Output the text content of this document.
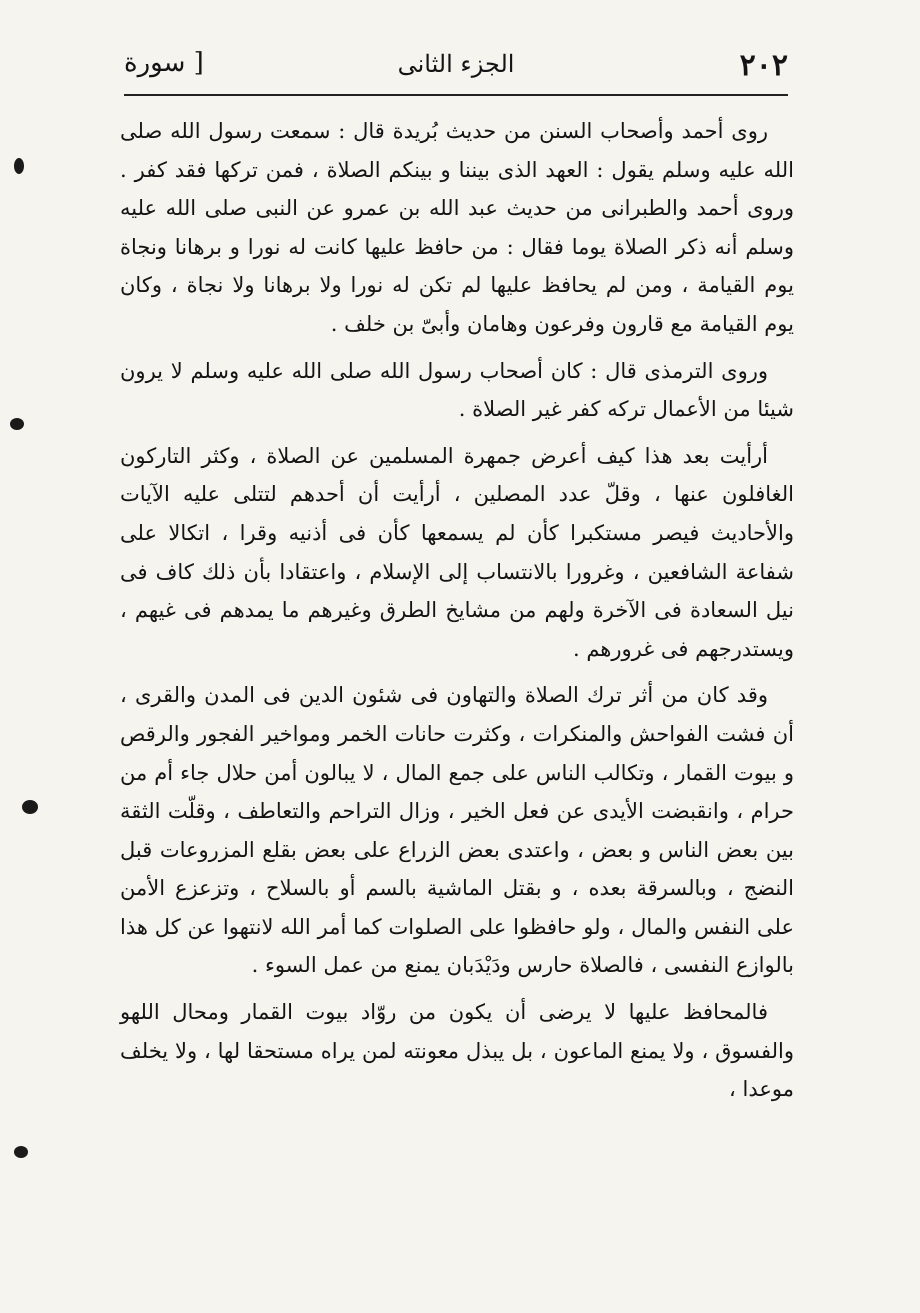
٢٠٢
الجزء الثانى
[ سورة

روى أحمد وأصحاب السنن من حديث بُريدة قال : سمعت رسول الله صلى الله عليه وسلم يقول : العهد الذى بيننا و بينكم الصلاة ، فمن تركها فقد كفر . وروى أحمد والطبرانى من حديث عبد الله بن عمرو عن النبى صلى الله عليه وسلم أنه ذكر الصلاة يوما فقال : من حافظ عليها كانت له نورا و برهانا ونجاة يوم القيامة ، ومن لم يحافظ عليها لم تكن له نورا ولا برهانا ولا نجاة ، وكان يوم القيامة مع قارون وفرعون وهامان وأبىّ بن خلف .

وروى الترمذى قال : كان أصحاب رسول الله صلى الله عليه وسلم لا يرون شيئا من الأعمال تركه كفر غير الصلاة .

أرأيت بعد هذا كيف أعرض جمهرة المسلمين عن الصلاة ، وكثر التاركون الغافلون عنها ، وقلّ عدد المصلين ، أرأيت أن أحدهم لتتلى عليه الآيات والأحاديث فيصر مستكبرا كأن لم يسمعها كأن فى أذنيه وقرا ، اتكالا على شفاعة الشافعين ، وغرورا بالانتساب إلى الإسلام ، واعتقادا بأن ذلك كاف فى نيل السعادة فى الآخرة ولهم من مشايخ الطرق وغيرهم ما يمدهم فى غيهم ، ويستدرجهم فى غرورهم .

وقد كان من أثر ترك الصلاة والتهاون فى شئون الدين فى المدن والقرى ، أن فشت الفواحش والمنكرات ، وكثرت حانات الخمر ومواخير الفجور والرقص و بيوت القمار ، وتكالب الناس على جمع المال ، لا يبالون أمن حلال جاء أم من حرام ، وانقبضت الأيدى عن فعل الخير ، وزال التراحم والتعاطف ، وقلّت الثقة بين بعض الناس و بعض ، واعتدى بعض الزراع على بعض بقلع المزروعات قبل النضج ، وبالسرقة بعده ، و بقتل الماشية بالسم أو بالسلاح ، وتزعزع الأمن على النفس والمال ، ولو حافظوا على الصلوات كما أمر الله لانتهوا عن كل هذا بالوازع النفسى ، فالصلاة حارس ودَيْدَبان يمنع من عمل السوء .

فالمحافظ عليها لا يرضى أن يكون من روّاد بيوت القمار ومحال اللهو والفسوق ، ولا يمنع الماعون ، بل يبذل معونته لمن يراه مستحقا لها ، ولا يخلف موعدا ،
